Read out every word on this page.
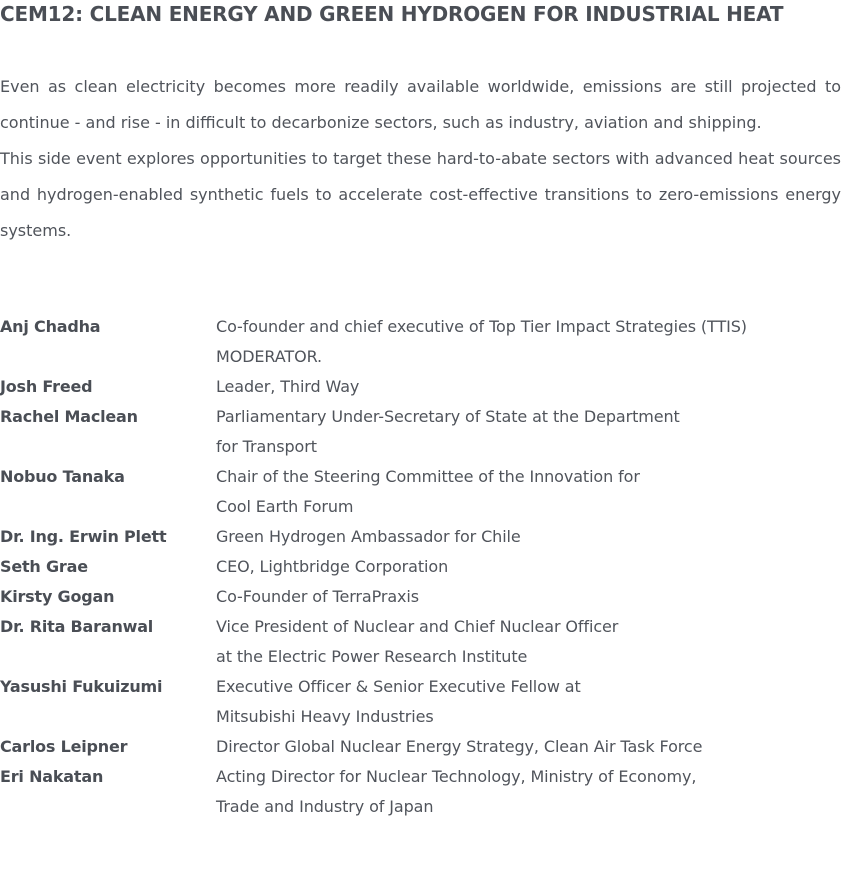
CEM12: CLEAN ENERGY AND GREEN HYDROGEN FOR INDUSTRIAL HEAT

Even as clean electricity becomes more readily available worldwide, emissions are still projected to continue - and rise - in difficult to decarbonize sectors, such as industry, aviation and shipping.

This side event explores opportunities to target these hard-to-abate sectors with advanced heat sources and hydrogen-enabled synthetic fuels to accelerate cost-effective transitions to zero-emissions energy systems.

Anj Chadha	Co-founder and chief executive of Top Tier Impact Strategies (TTIS)
MODERATOR.
Josh Freed	Leader, Third Way
Rachel Maclean	Parliamentary Under-Secretary of State at the Department
for Transport
Nobuo Tanaka	Chair of the Steering Committee of the Innovation for
Cool Earth Forum
Dr. Ing. Erwin Plett	Green Hydrogen Ambassador for Chile
Seth Grae	CEO, Lightbridge Corporation
Kirsty Gogan	Co-Founder of TerraPraxis
Dr. Rita Baranwal	Vice President of Nuclear and Chief Nuclear Officer
at the Electric Power Research Institute
Yasushi Fukuizumi	Executive Officer & Senior Executive Fellow at
Mitsubishi Heavy Industries
Carlos Leipner	Director Global Nuclear Energy Strategy, Clean Air Task Force
Eri Nakatan	Acting Director for Nuclear Technology, Ministry of Economy,
Trade and Industry of Japan
